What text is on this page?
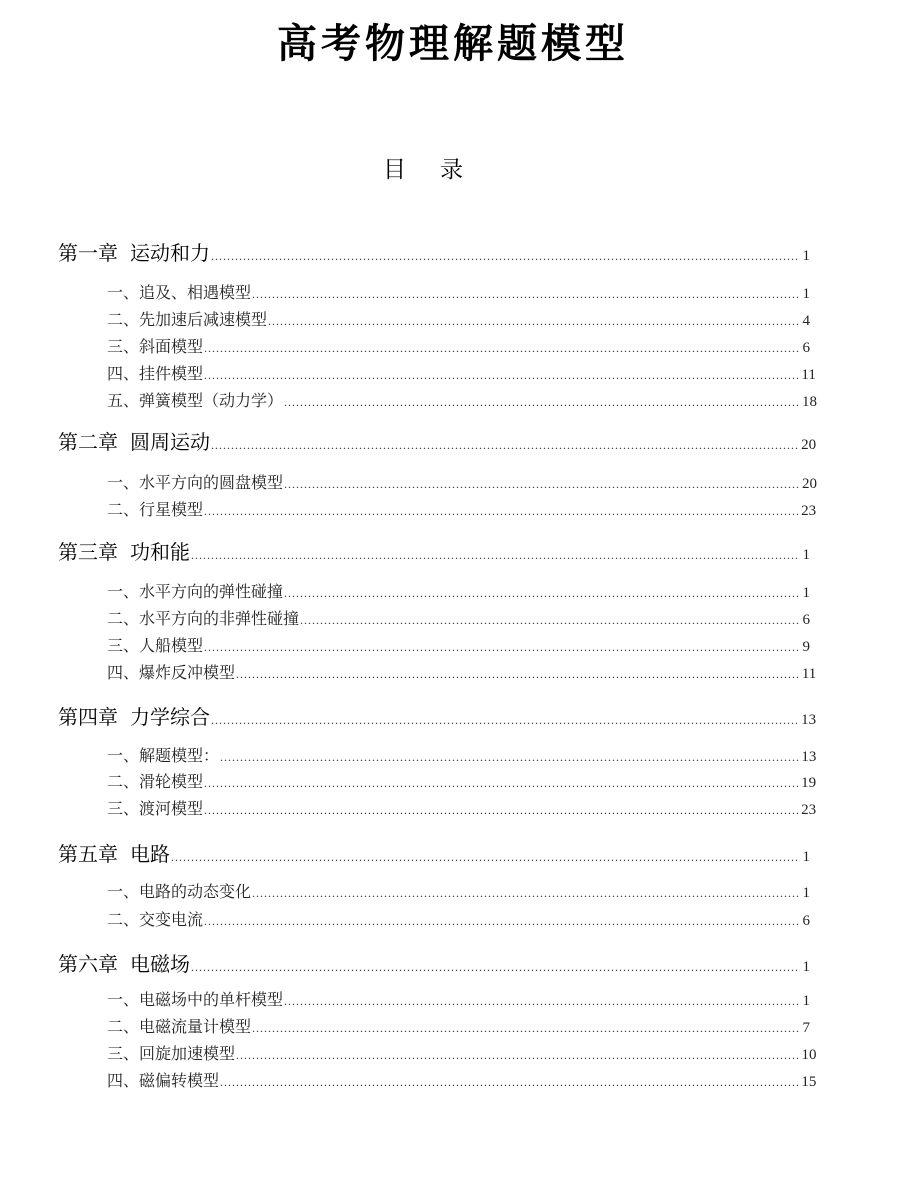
高考物理解题模型
目 录
第一章 运动和力 .....	1
一、追及、相遇模型 .....	1
二、先加速后减速模型 .....	4
三、斜面模型 .....	6
四、挂件模型 .....	11
五、弹簧模型（动力学） .....	18
第二章 圆周运动 .....	20
一、水平方向的圆盘模型 .....	20
二、行星模型 .....	23
第三章 功和能 .....	1
一、水平方向的弹性碰撞 .....	1
二、水平方向的非弹性碰撞 .....	6
三、人船模型 .....	9
四、爆炸反冲模型 .....	11
第四章 力学综合 .....	13
一、解题模型： .....	13
二、滑轮模型 .....	19
三、渡河模型 .....	23
第五章 电路 .....	1
一、电路的动态变化 .....	1
二、交变电流 .....	6
第六章 电磁场 .....	1
一、电磁场中的单杆模型 .....	1
二、电磁流量计模型 .....	7
三、回旋加速模型 .....	10
四、磁偏转模型 .....	15
